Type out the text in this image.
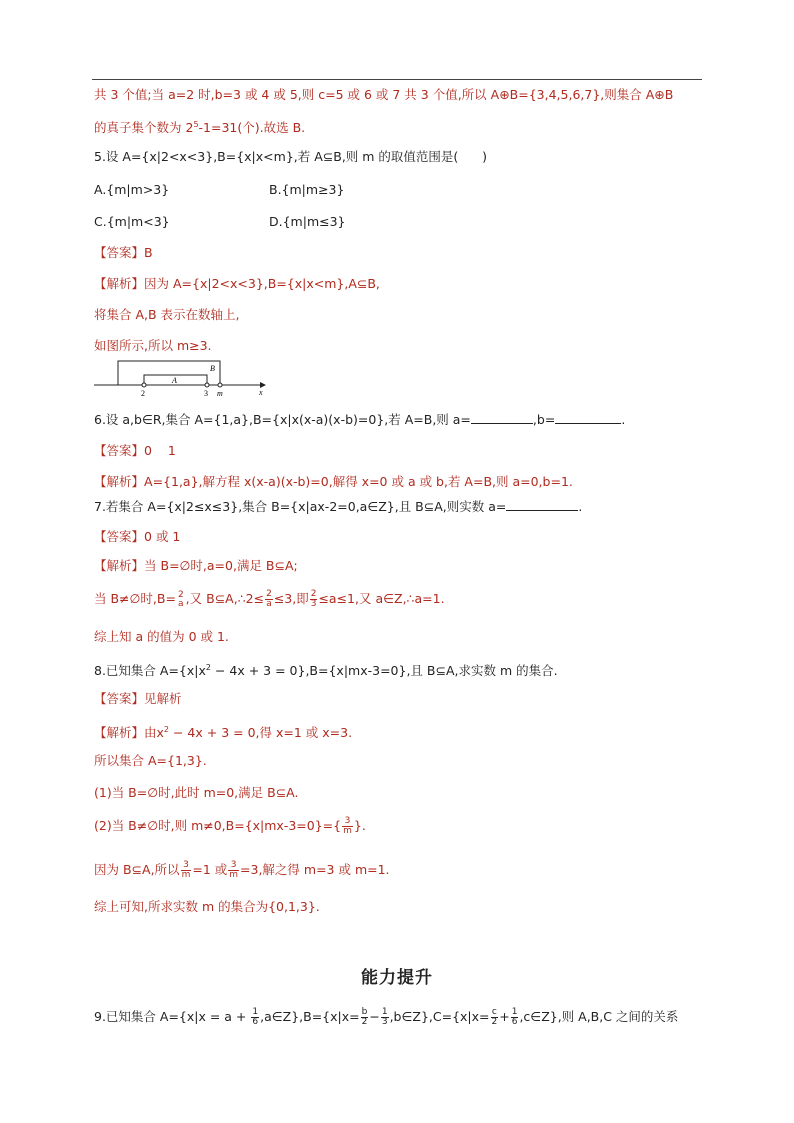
共 3 个值;当 a=2 时,b=3 或 4 或 5,则 c=5 或 6 或 7 共 3 个值,所以 A⊕B={3,4,5,6,7},则集合 A⊕B
的真子集个数为 $2^5-1=31$(个).故选 B.
5.设 A={x|2<x<3},B={x|x<m},若 A⊆B,则 m 的取值范围是(      )
A.{m|m>3}	B.{m|m≥3}
C.{m|m<3}	D.{m|m≤3}
【答案】B
【解析】因为 A={x|2<x<3},B={x|x<m},A⊆B,
将集合 A,B 表示在数轴上,
如图所示,所以 m≥3.
A
B
2	3 m	x
6.设 a,b∈R,集合 A={1,a},B={x|x(x-a)(x-b)=0},若 A=B,则 a=	,b=	.
【答案】0    1
【解析】A={1,a},解方程 x(x-a)(x-b)=0,解得 x=0 或 a 或 b,若 A=B,则 a=0,b=1.
7.若集合 A={x|2≤x≤3},集合 B={x|ax-2=0,a∈Z},且 B⊆A,则实数 a=	.
【答案】0 或 1
【解析】当 B=∅时,a=0,满足 B⊆A;
当 B≠∅时,B= 2
a ,又 B⊆A,∴2≤ $\frac{2}{a} \le 3$,即 $\frac{2}{3} \le a\le 1$,又 a∈Z,∴a=1.
综上知 a 的值为 0 或 1.
8.已知集合 $A=\{x|x^2 - 4x + 3 = 0\},B=\{x|mx-3=0\}$,且 B⊆A,求实数 m 的集合.
【答案】见解析
【解析】由$x^2 - 4x + 3 = 0$,得 x=1 或 x=3.
所以集合 A={1,3}.
(1)当 B=∅时,此时 m=0,满足 B⊆A.
(2)当 B≠∅时,则 $m\ne 0,B=\{x|mx-3=0\}=\{ \frac{3}{m}$ }.
因为 B⊆A,所以 $\frac{3}{m} =1$ 或 $\frac{3}{m} =3$,解之得 m=3 或 m=1.
综上可知,所求实数 m 的集合为{0,1,3}.
能力提升
9.已知集合 $A=\{x|x = a + \frac{1}{6}$ ,a∈Z},B={x|x= $\frac{b}{2} - \frac{1}{3}$ ,b∈Z},C={x|x= $\frac{c}{2} + \frac{1}{6}$ ,c∈Z},则 A,B,C 之间的关系
